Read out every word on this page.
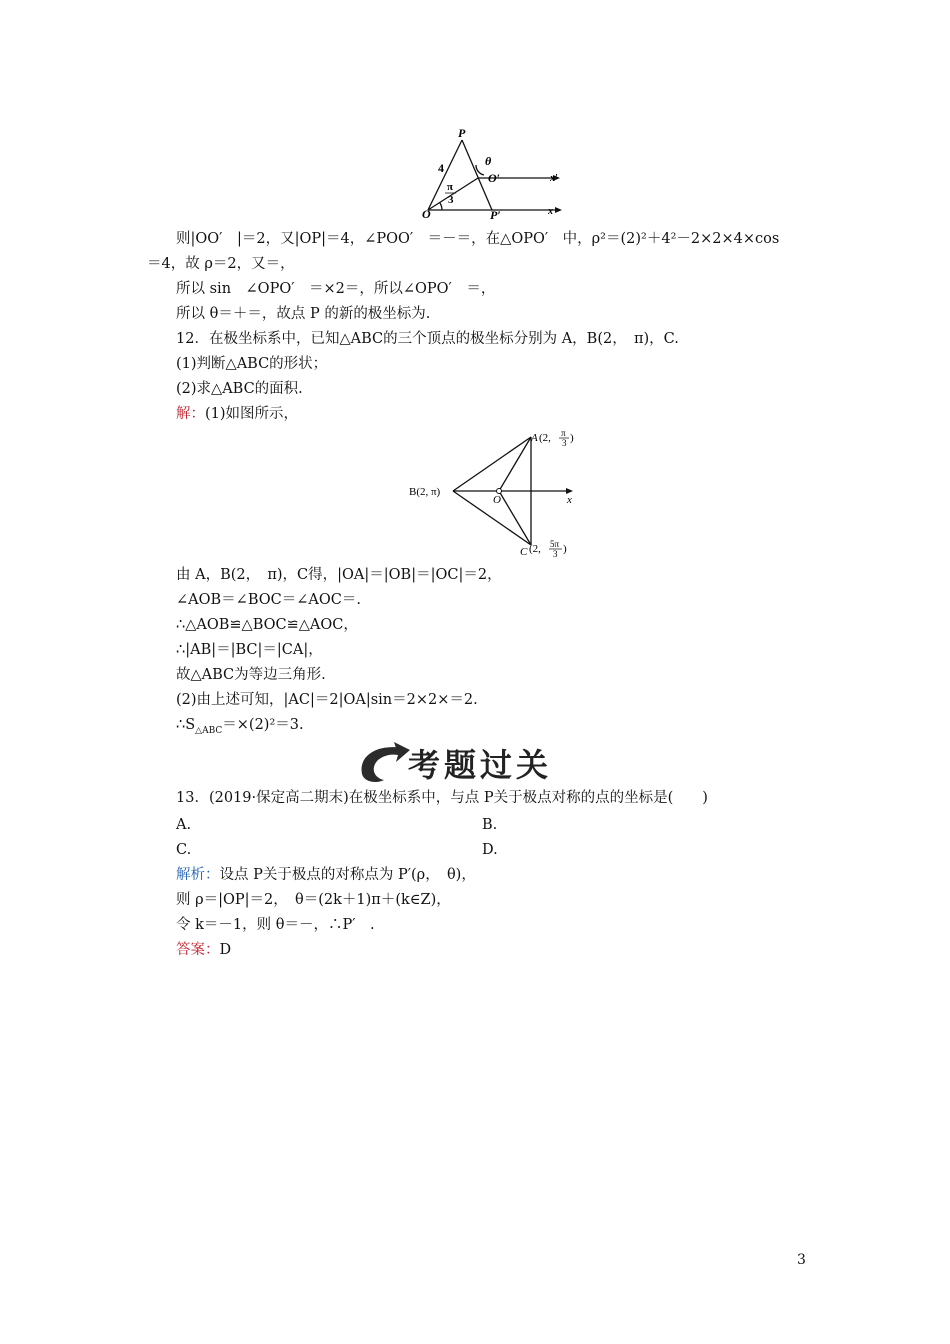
P
4	θ
O′	x′
π
3
O	P′	x
则|OO′　|＝2，又|OP|＝4，∠POO′　＝－＝，在△OPO′　中，ρ²＝(2)²＋4²－2×2×4×cos
＝4，故 ρ＝2，又＝，
所以 sin　∠OPO′　＝×2＝，所以∠OPO′　＝，
所以 θ＝＋＝，故点 P 的新的极坐标为.
12．在极坐标系中，已知△ABC的三个顶点的极坐标分别为 A，B(2，　π)，C.
(1)判断△ABC的形状；
(2)求△ABC的面积.
解：(1)如图所示，
A (2, π
3 )
B(2, π)
O	x
C (2, 5π
3 )
由 A，B(2，　π)，C得，|OA|＝|OB|＝|OC|＝2，
∠AOB＝∠BOC＝∠AOC＝.
∴△AOB≌△BOC≌△AOC，
∴|AB|＝|BC|＝|CA|，
故△ABC为等边三角形.
(2)由上述可知，|AC|＝2|OA|sin＝2×2×＝2.
$\therefore S_{\triangle ABC}=\times(2)^2=3$.
考题过关
13．(2019·保定高二期末)在极坐标系中，与点 P关于极点对称的点的坐标是(　　)
A.	B.
C.	D.
解析：设点 P关于极点的对称点为 P′(ρ，　θ)，
则 ρ＝|OP|＝2，　θ＝(2k＋1)π＋(k∈Z)，
令 k＝－1，则 θ＝－，∴P′　.
答案：D
3
